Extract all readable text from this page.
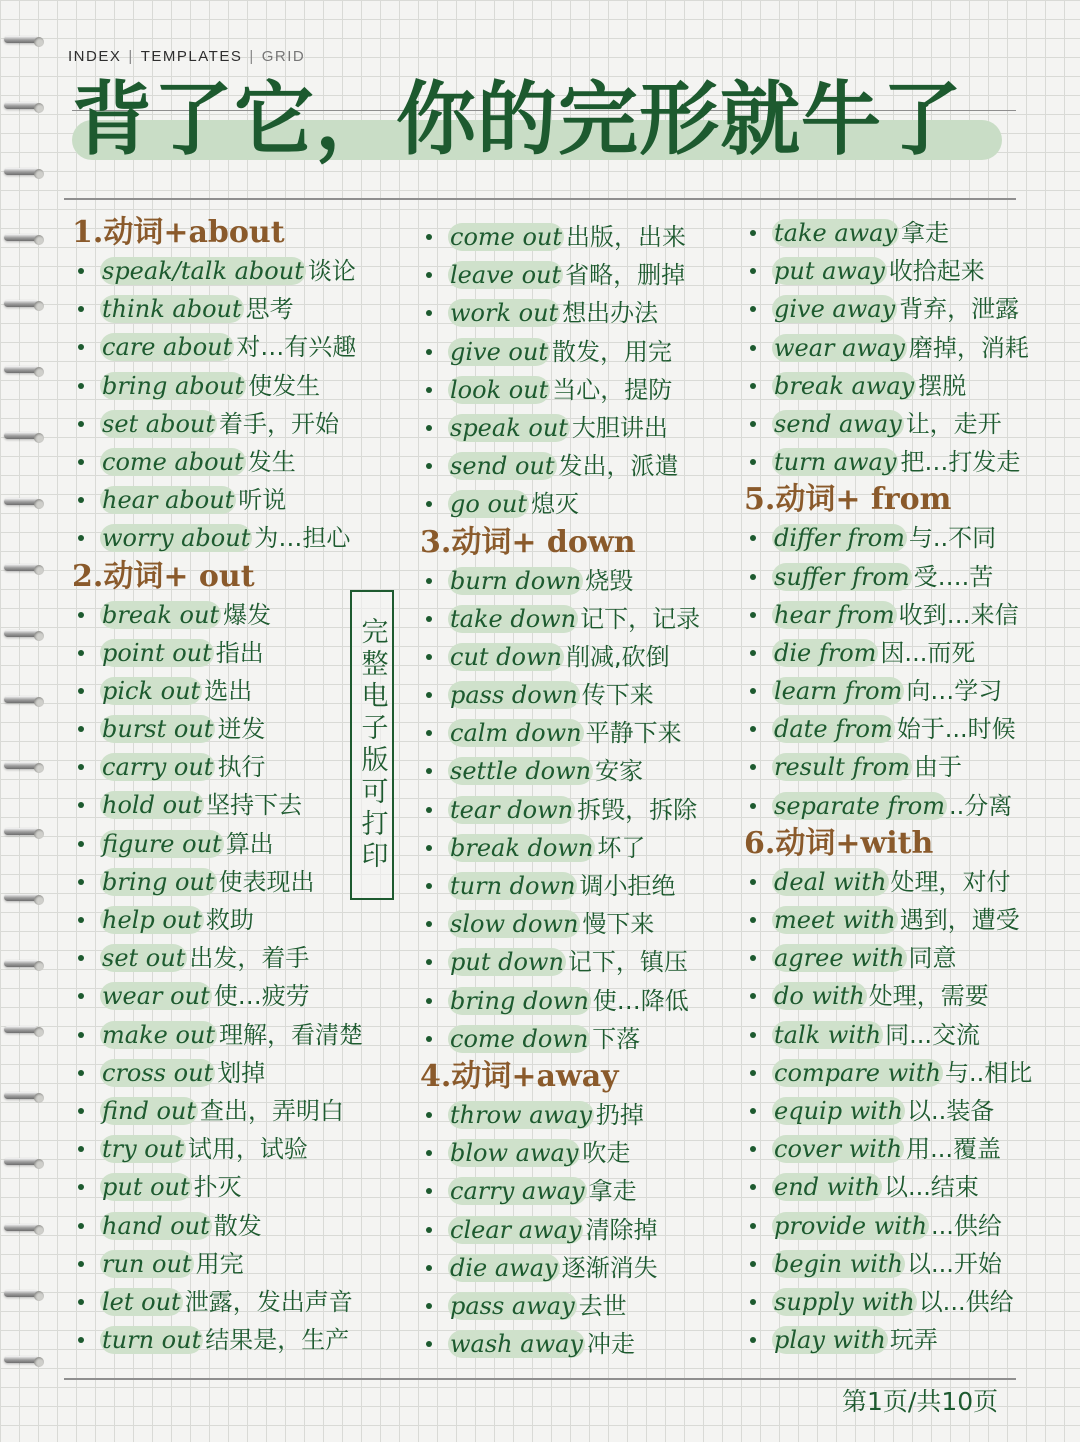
INDEX | TEMPLATES | GRID
背了它，你的完形就牛了
1.动词+about
speak/talk about 谈论
think about 思考
care about 对…有兴趣
bring about 使发生
set about 着手，开始
come about 发生
hear about 听说
worry about 为…担心
2.动词+ out
break out 爆发
point out 指出
pick out 选出
burst out 迸发
carry out 执行
hold out 坚持下去
figure out 算出
bring out 使表现出
help out 救助
set out 出发，着手
wear out 使…疲劳
make out 理解，看清楚
cross out 划掉
find out 查出，弄明白
try out 试用，试验
put out 扑灭
hand out 散发
run out 用完
let out 泄露，发出声音
turn out 结果是，生产
come out 出版，出来
leave out 省略，删掉
work out 想出办法
give out 散发，用完
look out 当心，提防
speak out 大胆讲出
send out 发出，派遣
go out 熄灭
3.动词+ down
burn down 烧毁
take down 记下，记录
cut down 削减,砍倒
pass down 传下来
calm down 平静下来
settle down 安家
tear down 拆毁，拆除
break down 坏了
turn down 调小拒绝
slow down 慢下来
put down 记下，镇压
bring down 使…降低
come down 下落
4.动词+away
throw away 扔掉
blow away 吹走
carry away 拿走
clear away 清除掉
die away 逐渐消失
pass away 去世
wash away 冲走
take away 拿走
put away 收拾起来
give away 背弃，泄露
wear away 磨掉，消耗
break away 摆脱
send away 让，走开
turn away 把…打发走
5.动词+ from
differ from 与..不同
suffer from 受….苦
hear from 收到…来信
die from 因...而死
learn from 向…学习
date from 始于...时候
result from 由于
separate from ..分离
6.动词+with
deal with 处理，对付
meet with 遇到，遭受
agree with 同意
do with 处理，需要
talk with 同...交流
compare with 与..相比
equip with 以..装备
cover with 用...覆盖
end with 以...结束
provide with ...供给
begin with 以...开始
supply with 以...供给
play with 玩弄
完整电子版可打印
第1页/共10页
